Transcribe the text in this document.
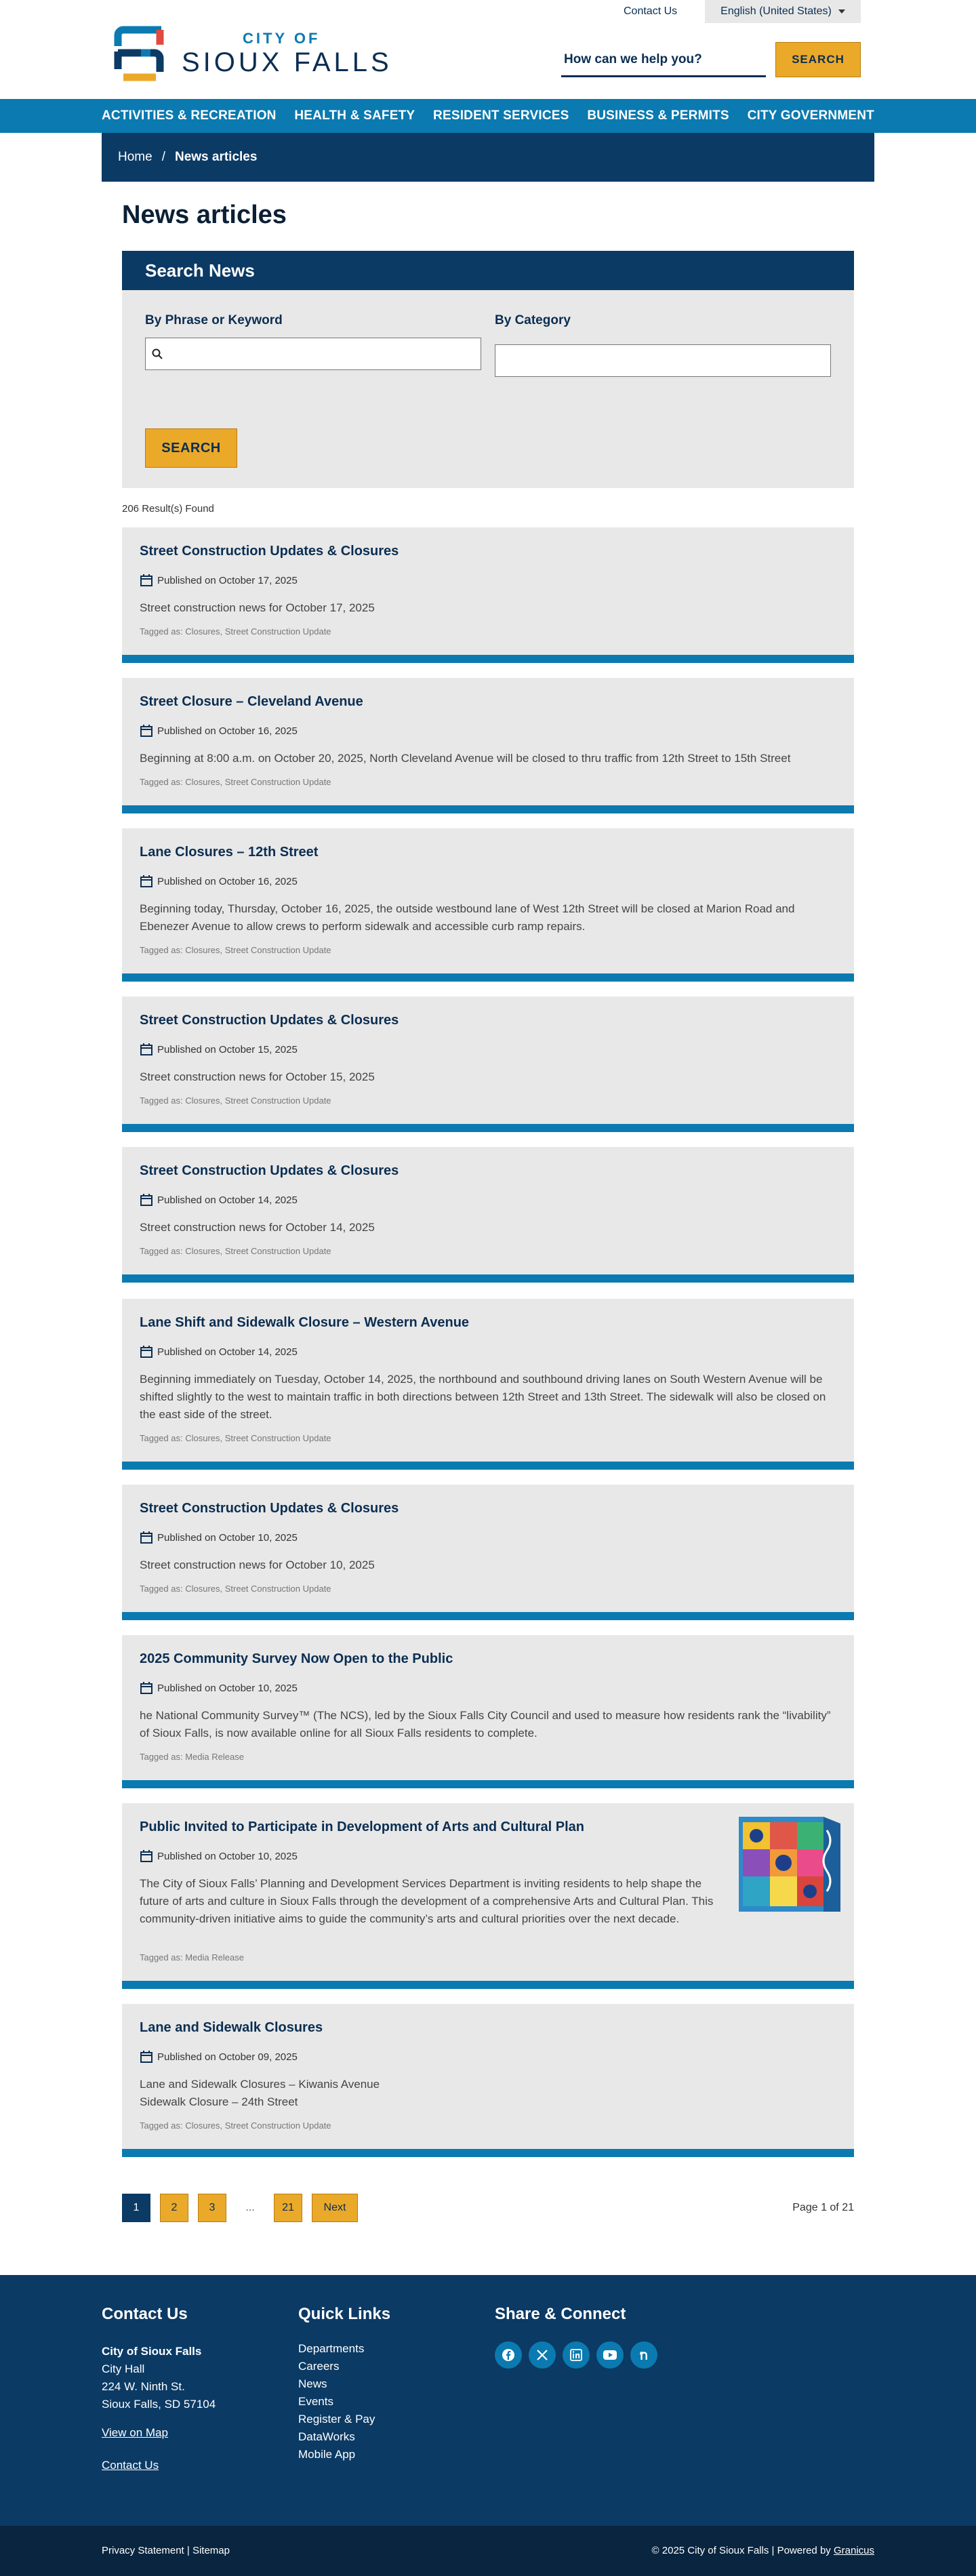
Contact Us	English (United States)
CITY OF
SIOUX FALLS
How can we help you?	SEARCH
ACTIVITIES & RECREATION HEALTH & SAFETY RESIDENT SERVICES BUSINESS & PERMITS CITY GOVERNMENT
Home / News articles
News articles
Search News
By Phrase or Keyword	By Category
SEARCH
206 Result(s) Found
Street Construction Updates & Closures
Published on October 17, 2025
Street construction news for October 17, 2025
Tagged as: Closures, Street Construction Update
Street Closure – Cleveland Avenue
Published on October 16, 2025
Beginning at 8:00 a.m. on October 20, 2025, North Cleveland Avenue will be closed to thru traffic from 12th Street to 15th Street
Tagged as: Closures, Street Construction Update
Lane Closures – 12th Street
Published on October 16, 2025
Beginning today, Thursday, October 16, 2025, the outside westbound lane of West 12th Street will be closed at Marion Road and Ebenezer Avenue to allow crews to perform sidewalk and accessible curb ramp repairs.
Tagged as: Closures, Street Construction Update
Street Construction Updates & Closures
Published on October 15, 2025
Street construction news for October 15, 2025
Tagged as: Closures, Street Construction Update
Street Construction Updates & Closures
Published on October 14, 2025
Street construction news for October 14, 2025
Tagged as: Closures, Street Construction Update
Lane Shift and Sidewalk Closure – Western Avenue
Published on October 14, 2025
Beginning immediately on Tuesday, October 14, 2025, the northbound and southbound driving lanes on South Western Avenue will be shifted slightly to the west to maintain traffic in both directions between 12th Street and 13th Street. The sidewalk will also be closed on the east side of the street.
Tagged as: Closures, Street Construction Update
Street Construction Updates & Closures
Published on October 10, 2025
Street construction news for October 10, 2025
Tagged as: Closures, Street Construction Update
2025 Community Survey Now Open to the Public
Published on October 10, 2025
he National Community Survey™ (The NCS), led by the Sioux Falls City Council and used to measure how residents rank the “livability” of Sioux Falls, is now available online for all Sioux Falls residents to complete.
Tagged as: Media Release
Public Invited to Participate in Development of Arts and Cultural Plan
Published on October 10, 2025
The City of Sioux Falls’ Planning and Development Services Department is inviting residents to help shape the future of arts and culture in Sioux Falls through the development of a comprehensive Arts and Cultural Plan. This community-driven initiative aims to guide the community’s arts and cultural priorities over the next decade.
Tagged as: Media Release
Lane and Sidewalk Closures
Published on October 09, 2025
Lane and Sidewalk Closures – Kiwanis Avenue
Sidewalk Closure – 24th Street
Tagged as: Closures, Street Construction Update
1	2	3	...	21	Next	Page 1 of 21
Contact Us
City of Sioux Falls
City Hall
224 W. Ninth St.
Sioux Falls, SD 57104
View on Map
Contact Us
Quick Links
Departments
Careers
News
Events
Register & Pay
DataWorks
Mobile App
Share & Connect
Privacy Statement | Sitemap	© 2025 City of Sioux Falls | Powered by Granicus
